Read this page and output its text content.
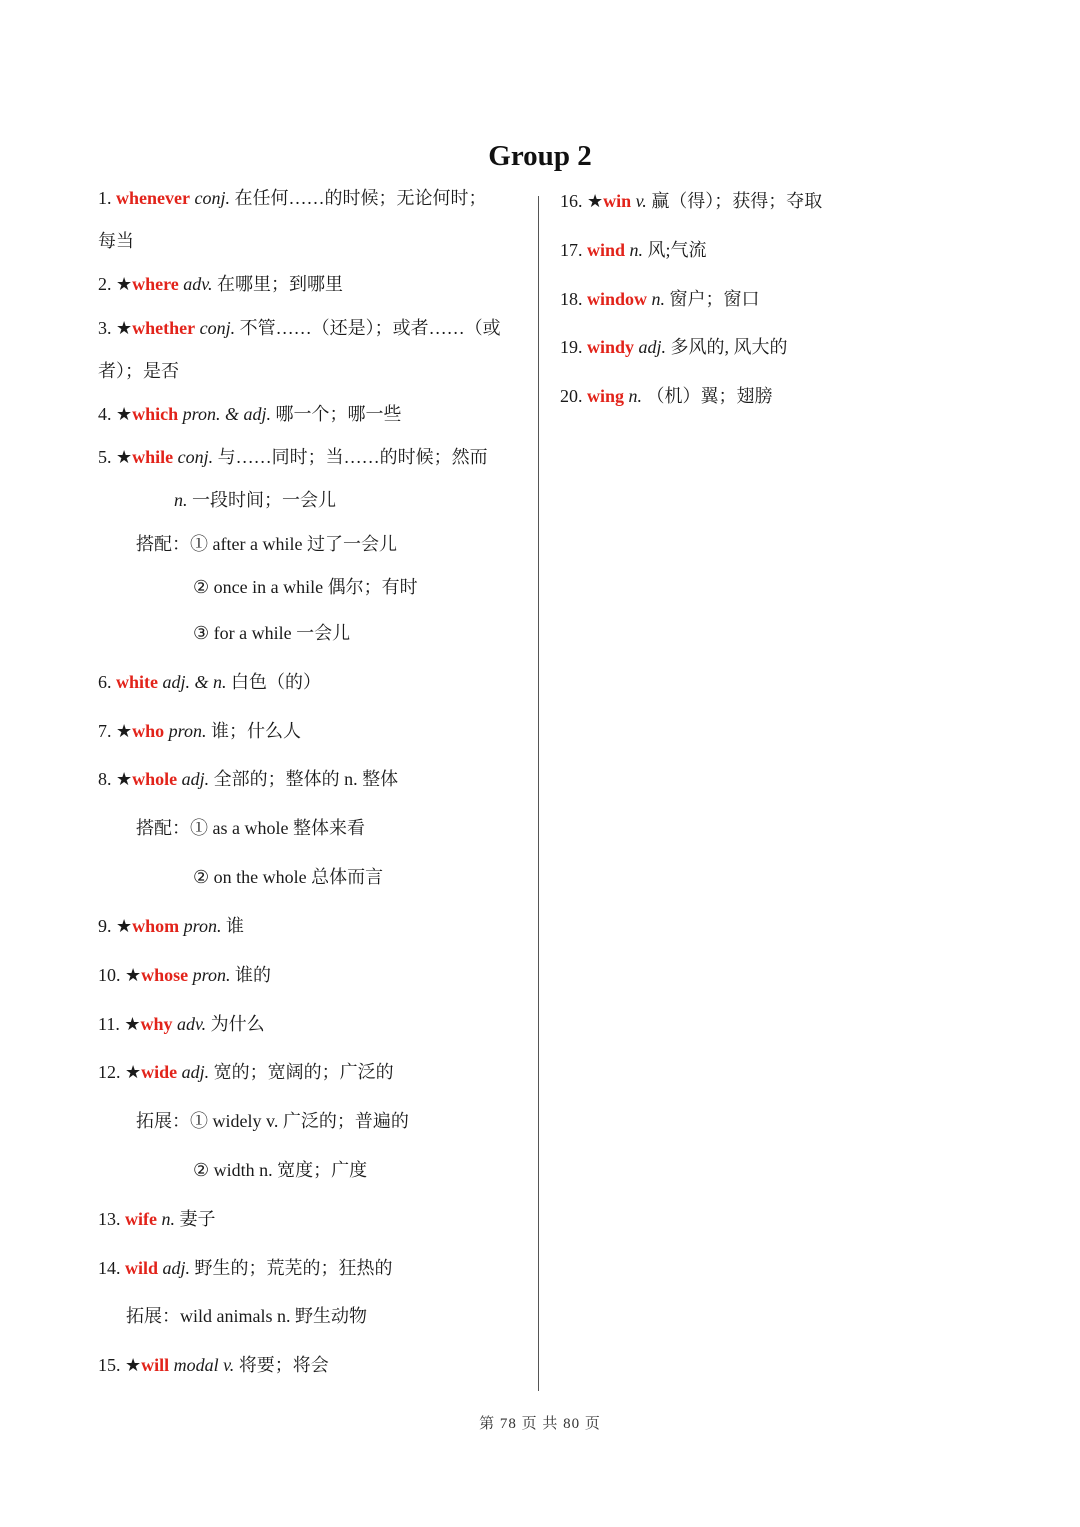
Group 2
1. whenever conj. 在任何……的时候；无论何时；
每当
2. ★where adv. 在哪里；到哪里
3. ★whether conj. 不管……（还是）；或者……（或
者）；是否
4. ★which pron. & adj. 哪一个；哪一些
5. ★while conj. 与……同时；当……的时候；然而
n. 一段时间；一会儿
搭配：① after a while 过了一会儿
② once in a while 偶尔；有时
③ for a while 一会儿
6. white adj. & n. 白色（的）
7. ★who pron. 谁；什么人
8. ★whole adj. 全部的；整体的 n. 整体
搭配：① as a whole 整体来看
② on the whole 总体而言
9. ★whom pron. 谁
10. ★whose pron. 谁的
11. ★why adv. 为什么
12. ★wide adj. 宽的；宽阔的；广泛的
拓展：① widely v. 广泛的；普遍的
② width n. 宽度；广度
13. wife n. 妻子
14. wild adj. 野生的；荒芜的；狂热的
拓展：wild animals n. 野生动物
15. ★will modal v. 将要；将会
16. ★win v. 赢（得）；获得；夺取
17. wind n. 风;气流
18. window n. 窗户；窗口
19. windy adj. 多风的, 风大的
20. wing n. （机）翼；翅膀
第 78 页 共 80 页
